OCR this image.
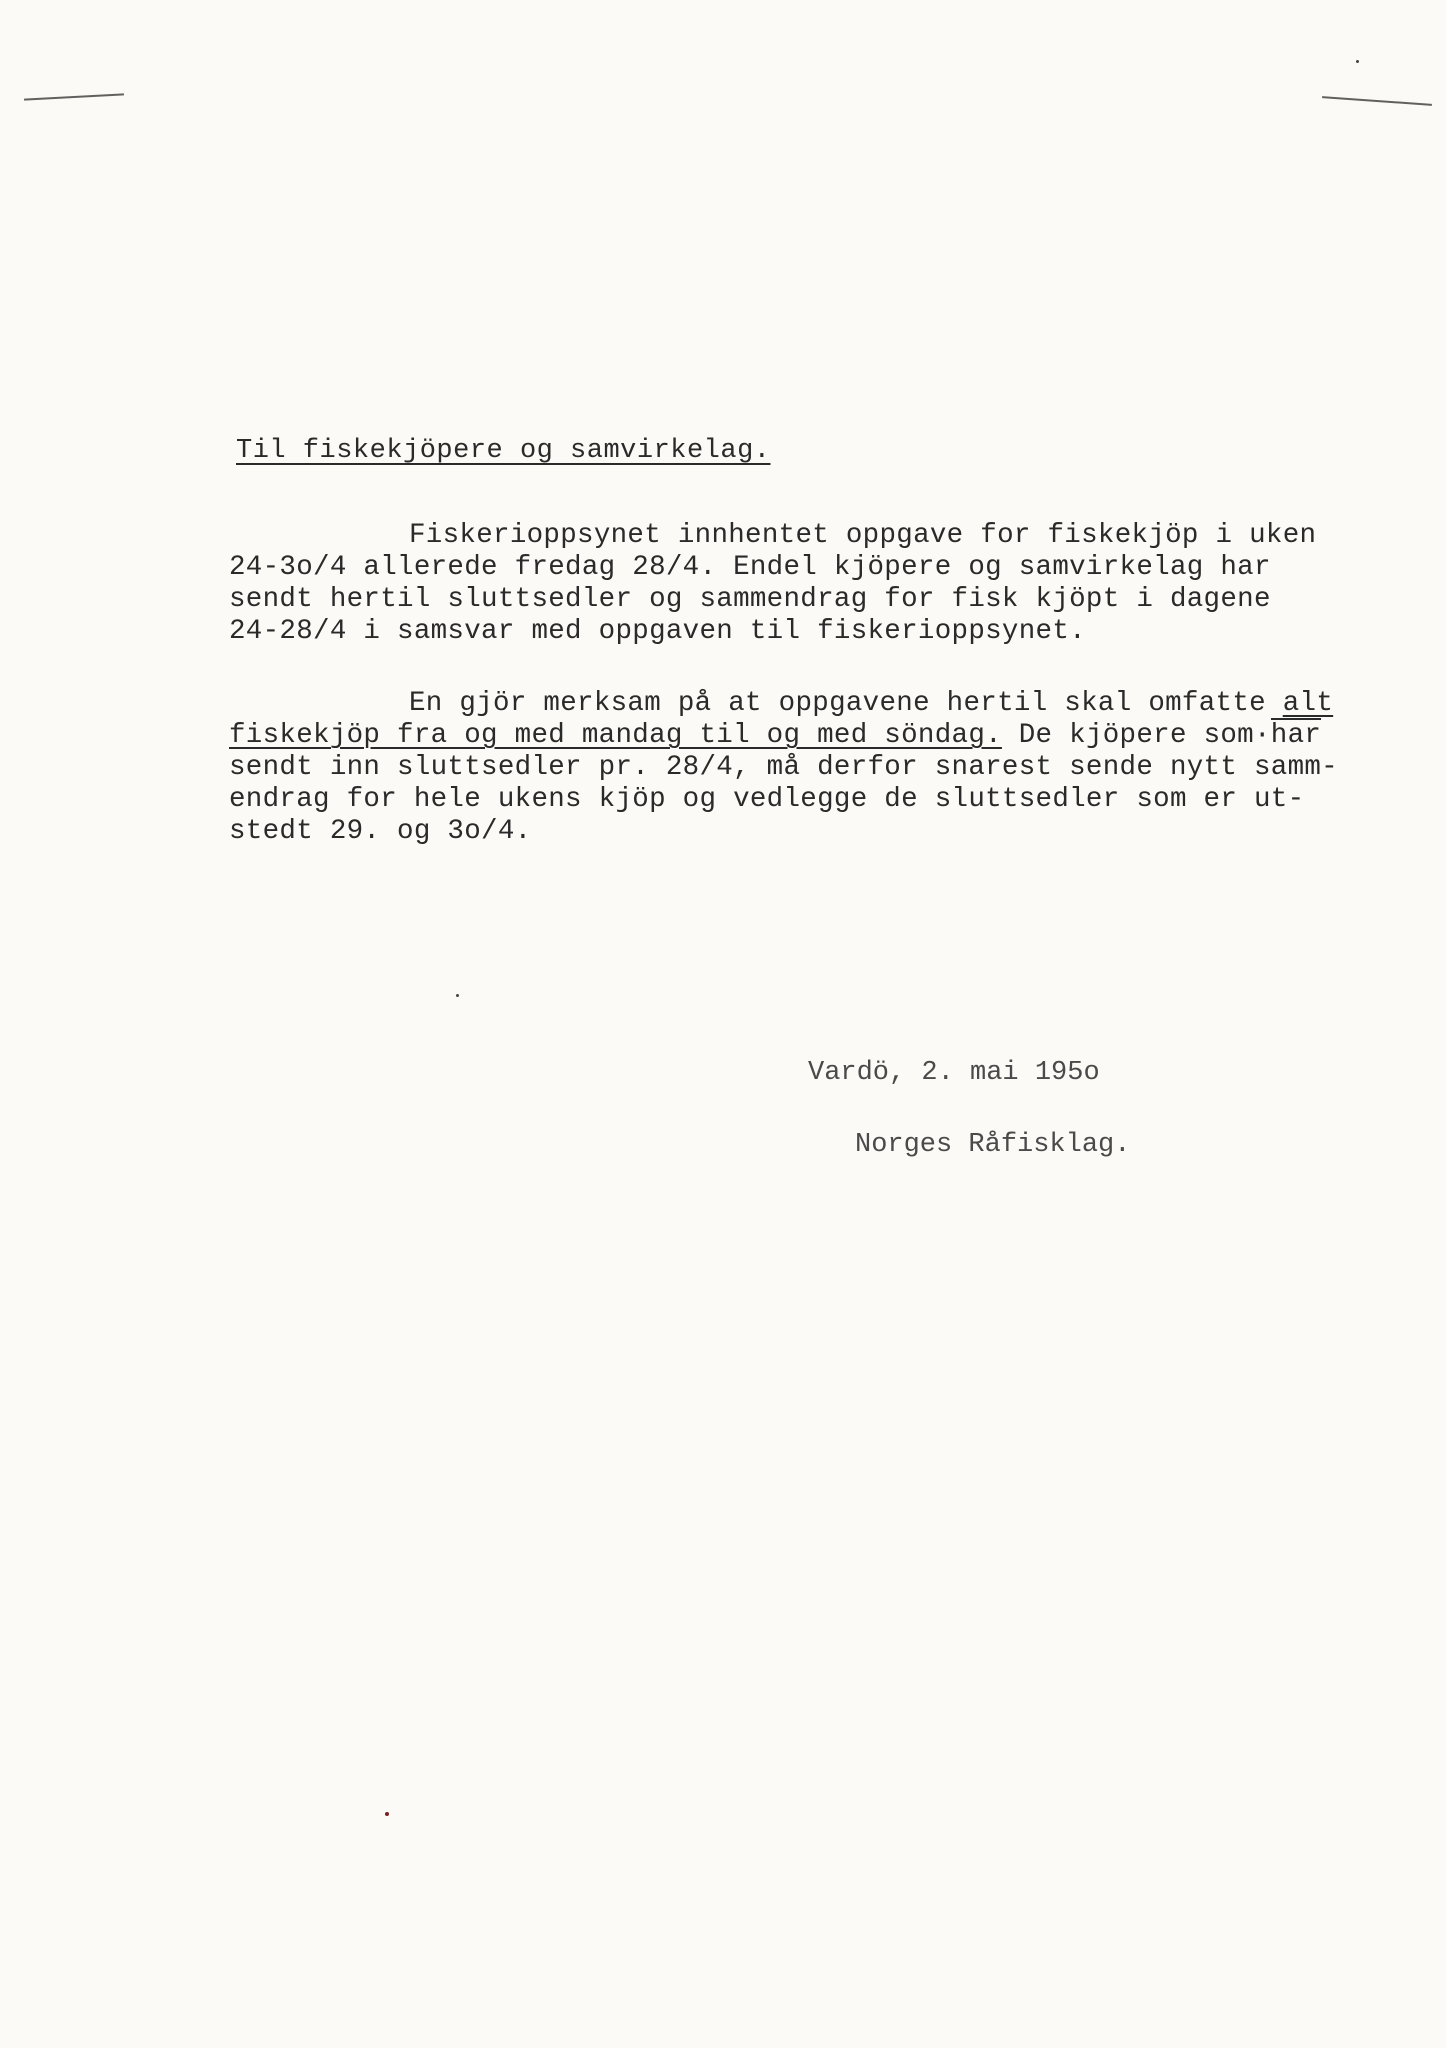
Til fiskekjöpere og samvirkelag.
Fiskerioppsynet innhentet oppgave for fiskekjöp i uken
24-3o/4 allerede fredag 28/4. Endel kjöpere og samvirkelag har
sendt hertil sluttsedler og sammendrag for fisk kjöpt i dagene
24-28/4 i samsvar med oppgaven til fiskerioppsynet.
En gjör merksam på at oppgavene hertil skal omfatte alt
fiskekjöp fra og med mandag til og med söndag. De kjöpere som·har
sendt inn sluttsedler pr. 28/4, må derfor snarest sende nytt samm-
endrag for hele ukens kjöp og vedlegge de sluttsedler som er ut-
stedt 29. og 3o/4.
Vardö, 2. mai 195o
Norges Råfisklag.
